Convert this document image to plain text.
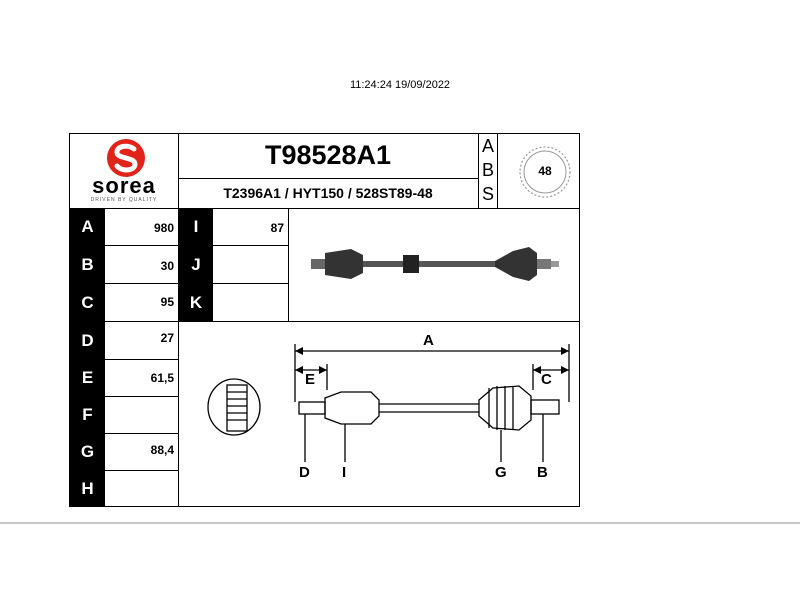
11:24:24 19/09/2022
sorea
DRIVEN BY QUALITY
T98528A1
T2396A1 / HYT150 / 528ST89-48
A
B
S
48
A	980
B	30
C	95
D	27
E	61,5
F
G	88,4
H
I	87
J
K
A
E	C
D I	G B
